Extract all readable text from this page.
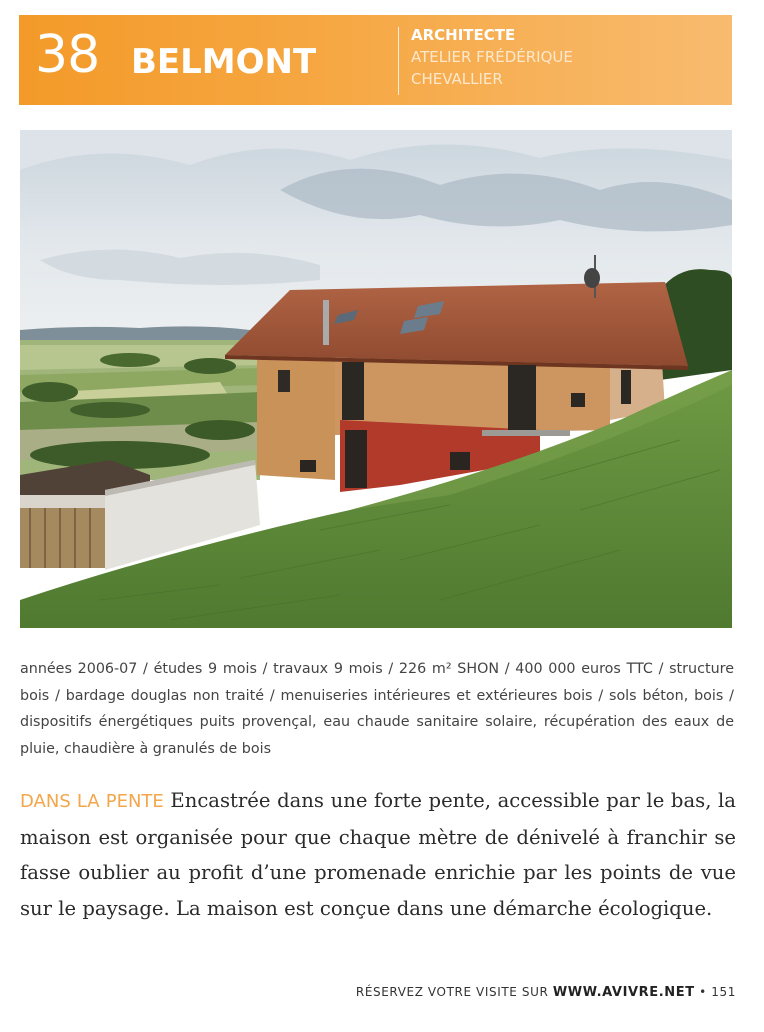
38 BELMONT
ARCHITECTE
ATELIER FRÉDÉRIQUE
CHEVALLIER
années 2006-07 / études 9 mois / travaux 9 mois / 226 m² SHON / 400 000 euros TTC / structure bois / bardage douglas non traité / menuiseries intérieures et extérieures bois / sols béton, bois / dispositifs énergétiques puits provençal, eau chaude sanitaire solaire, récupération des eaux de pluie, chaudière à granulés de bois
DANS LA PENTE Encastrée dans une forte pente, accessible par le bas, la maison est organisée pour que chaque mètre de dénivelé à franchir se fasse oublier au profit d’une promenade enrichie par les points de vue sur le paysage. La maison est conçue dans une démarche écologique.
RÉSERVEZ VOTRE VISITE SUR WWW.AVIVRE.NET • 151
